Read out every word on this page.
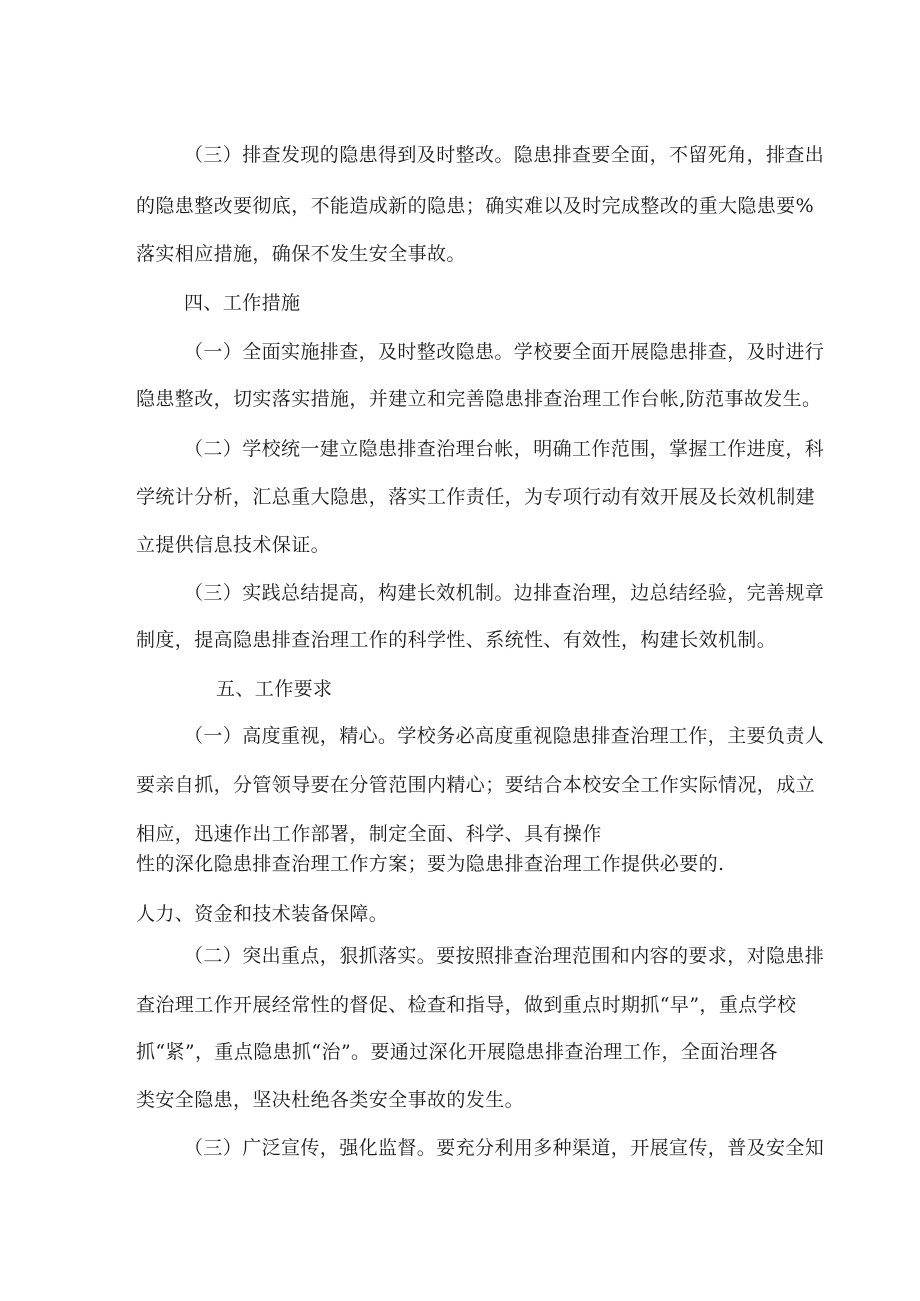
（三）排查发现的隐患得到及时整改。隐患排查要全面，不留死角，排查出
的隐患整改要彻底，不能造成新的隐患；确实难以及时完成整改的重大隐患要%
落实相应措施，确保不发生安全事故。
四、工作措施
（一）全面实施排查，及时整改隐患。学校要全面开展隐患排查，及时进行
隐患整改，切实落实措施，并建立和完善隐患排查治理工作台帐,防范事故发生。
（二）学校统一建立隐患排查治理台帐，明确工作范围，掌握工作进度，科
学统计分析，汇总重大隐患，落实工作责任，为专项行动有效开展及长效机制建
立提供信息技术保证。
（三）实践总结提高，构建长效机制。边排查治理，边总结经验，完善规章
制度，提高隐患排查治理工作的科学性、系统性、有效性，构建长效机制。
五、工作要求
（一）高度重视，精心。学校务必高度重视隐患排查治理工作，主要负责人
要亲自抓，分管领导要在分管范围内精心；要结合本校安全工作实际情况，成立
相应，迅速作出工作部署，制定全面、科学、具有操作
性的深化隐患排查治理工作方案；要为隐患排查治理工作提供必要的.
人力、资金和技术装备保障。
（二）突出重点，狠抓落实。要按照排查治理范围和内容的要求，对隐患排
查治理工作开展经常性的督促、检查和指导，做到重点时期抓“早”，重点学校
抓“紧”，重点隐患抓“治”。要通过深化开展隐患排查治理工作，全面治理各
类安全隐患，坚决杜绝各类安全事故的发生。
（三）广泛宣传，强化监督。要充分利用多种渠道，开展宣传，普及安全知
